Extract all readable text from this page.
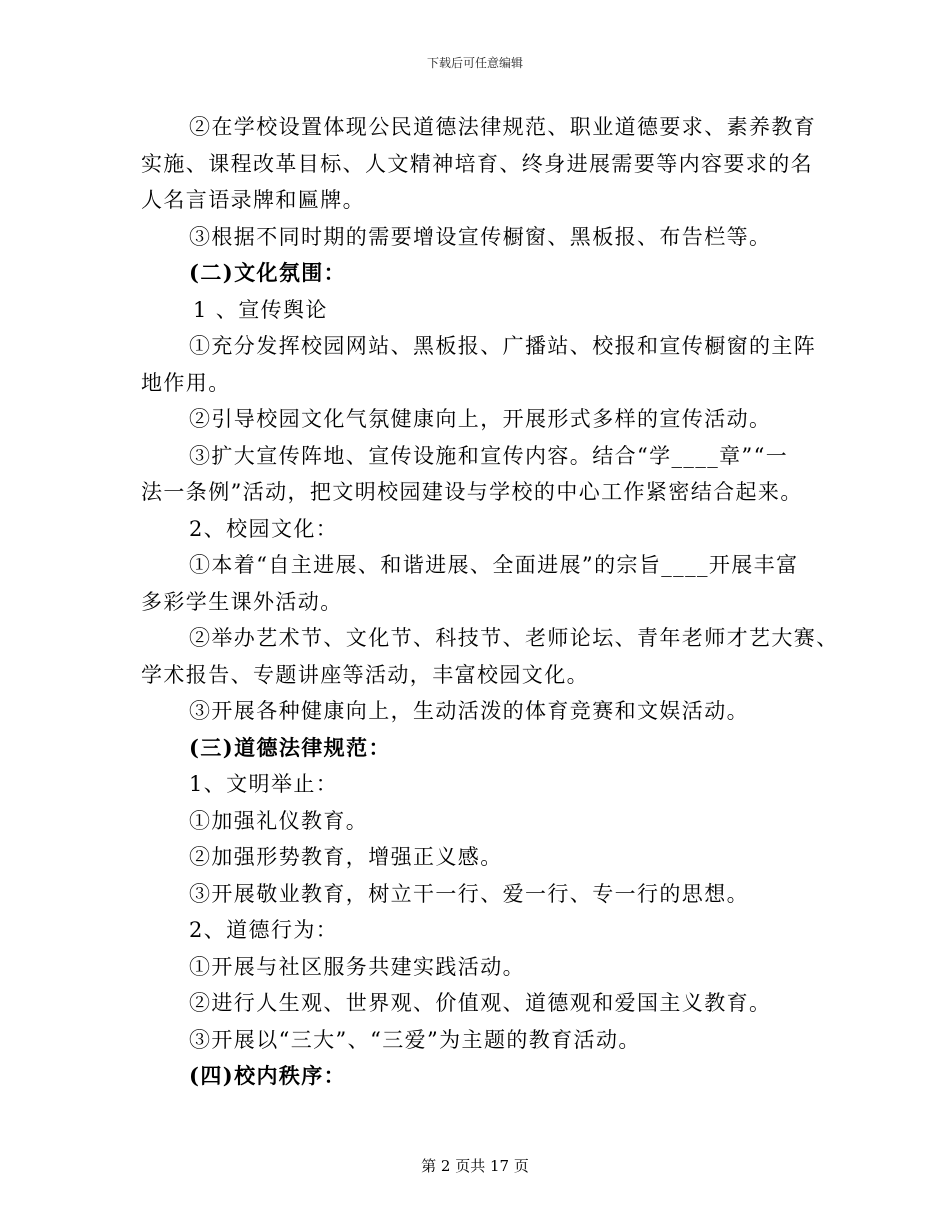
下载后可任意编辑
②在学校设置体现公民道德法律规范、职业道德要求、素养教育
实施、课程改革目标、人文精神培育、终身进展需要等内容要求的名
人名言语录牌和匾牌。
③根据不同时期的需要增设宣传橱窗、黑板报、布告栏等。
(二)文化氛围：
1 、宣传舆论
①充分发挥校园网站、黑板报、广播站、校报和宣传橱窗的主阵
地作用。
②引导校园文化气氛健康向上，开展形式多样的宣传活动。
③扩大宣传阵地、宣传设施和宣传内容。结合“学____章”“一
法一条例”活动，把文明校园建设与学校的中心工作紧密结合起来。
2、校园文化：
①本着“自主进展、和谐进展、全面进展”的宗旨____开展丰富
多彩学生课外活动。
②举办艺术节、文化节、科技节、老师论坛、青年老师才艺大赛、
学术报告、专题讲座等活动，丰富校园文化。
③开展各种健康向上，生动活泼的体育竞赛和文娱活动。
(三)道德法律规范：
1、文明举止：
①加强礼仪教育。
②加强形势教育，增强正义感。
③开展敬业教育，树立干一行、爱一行、专一行的思想。
2、道德行为：
①开展与社区服务共建实践活动。
②进行人生观、世界观、价值观、道德观和爱国主义教育。
③开展以“三大”、“三爱”为主题的教育活动。
(四)校内秩序：
第 2 页共 17 页
